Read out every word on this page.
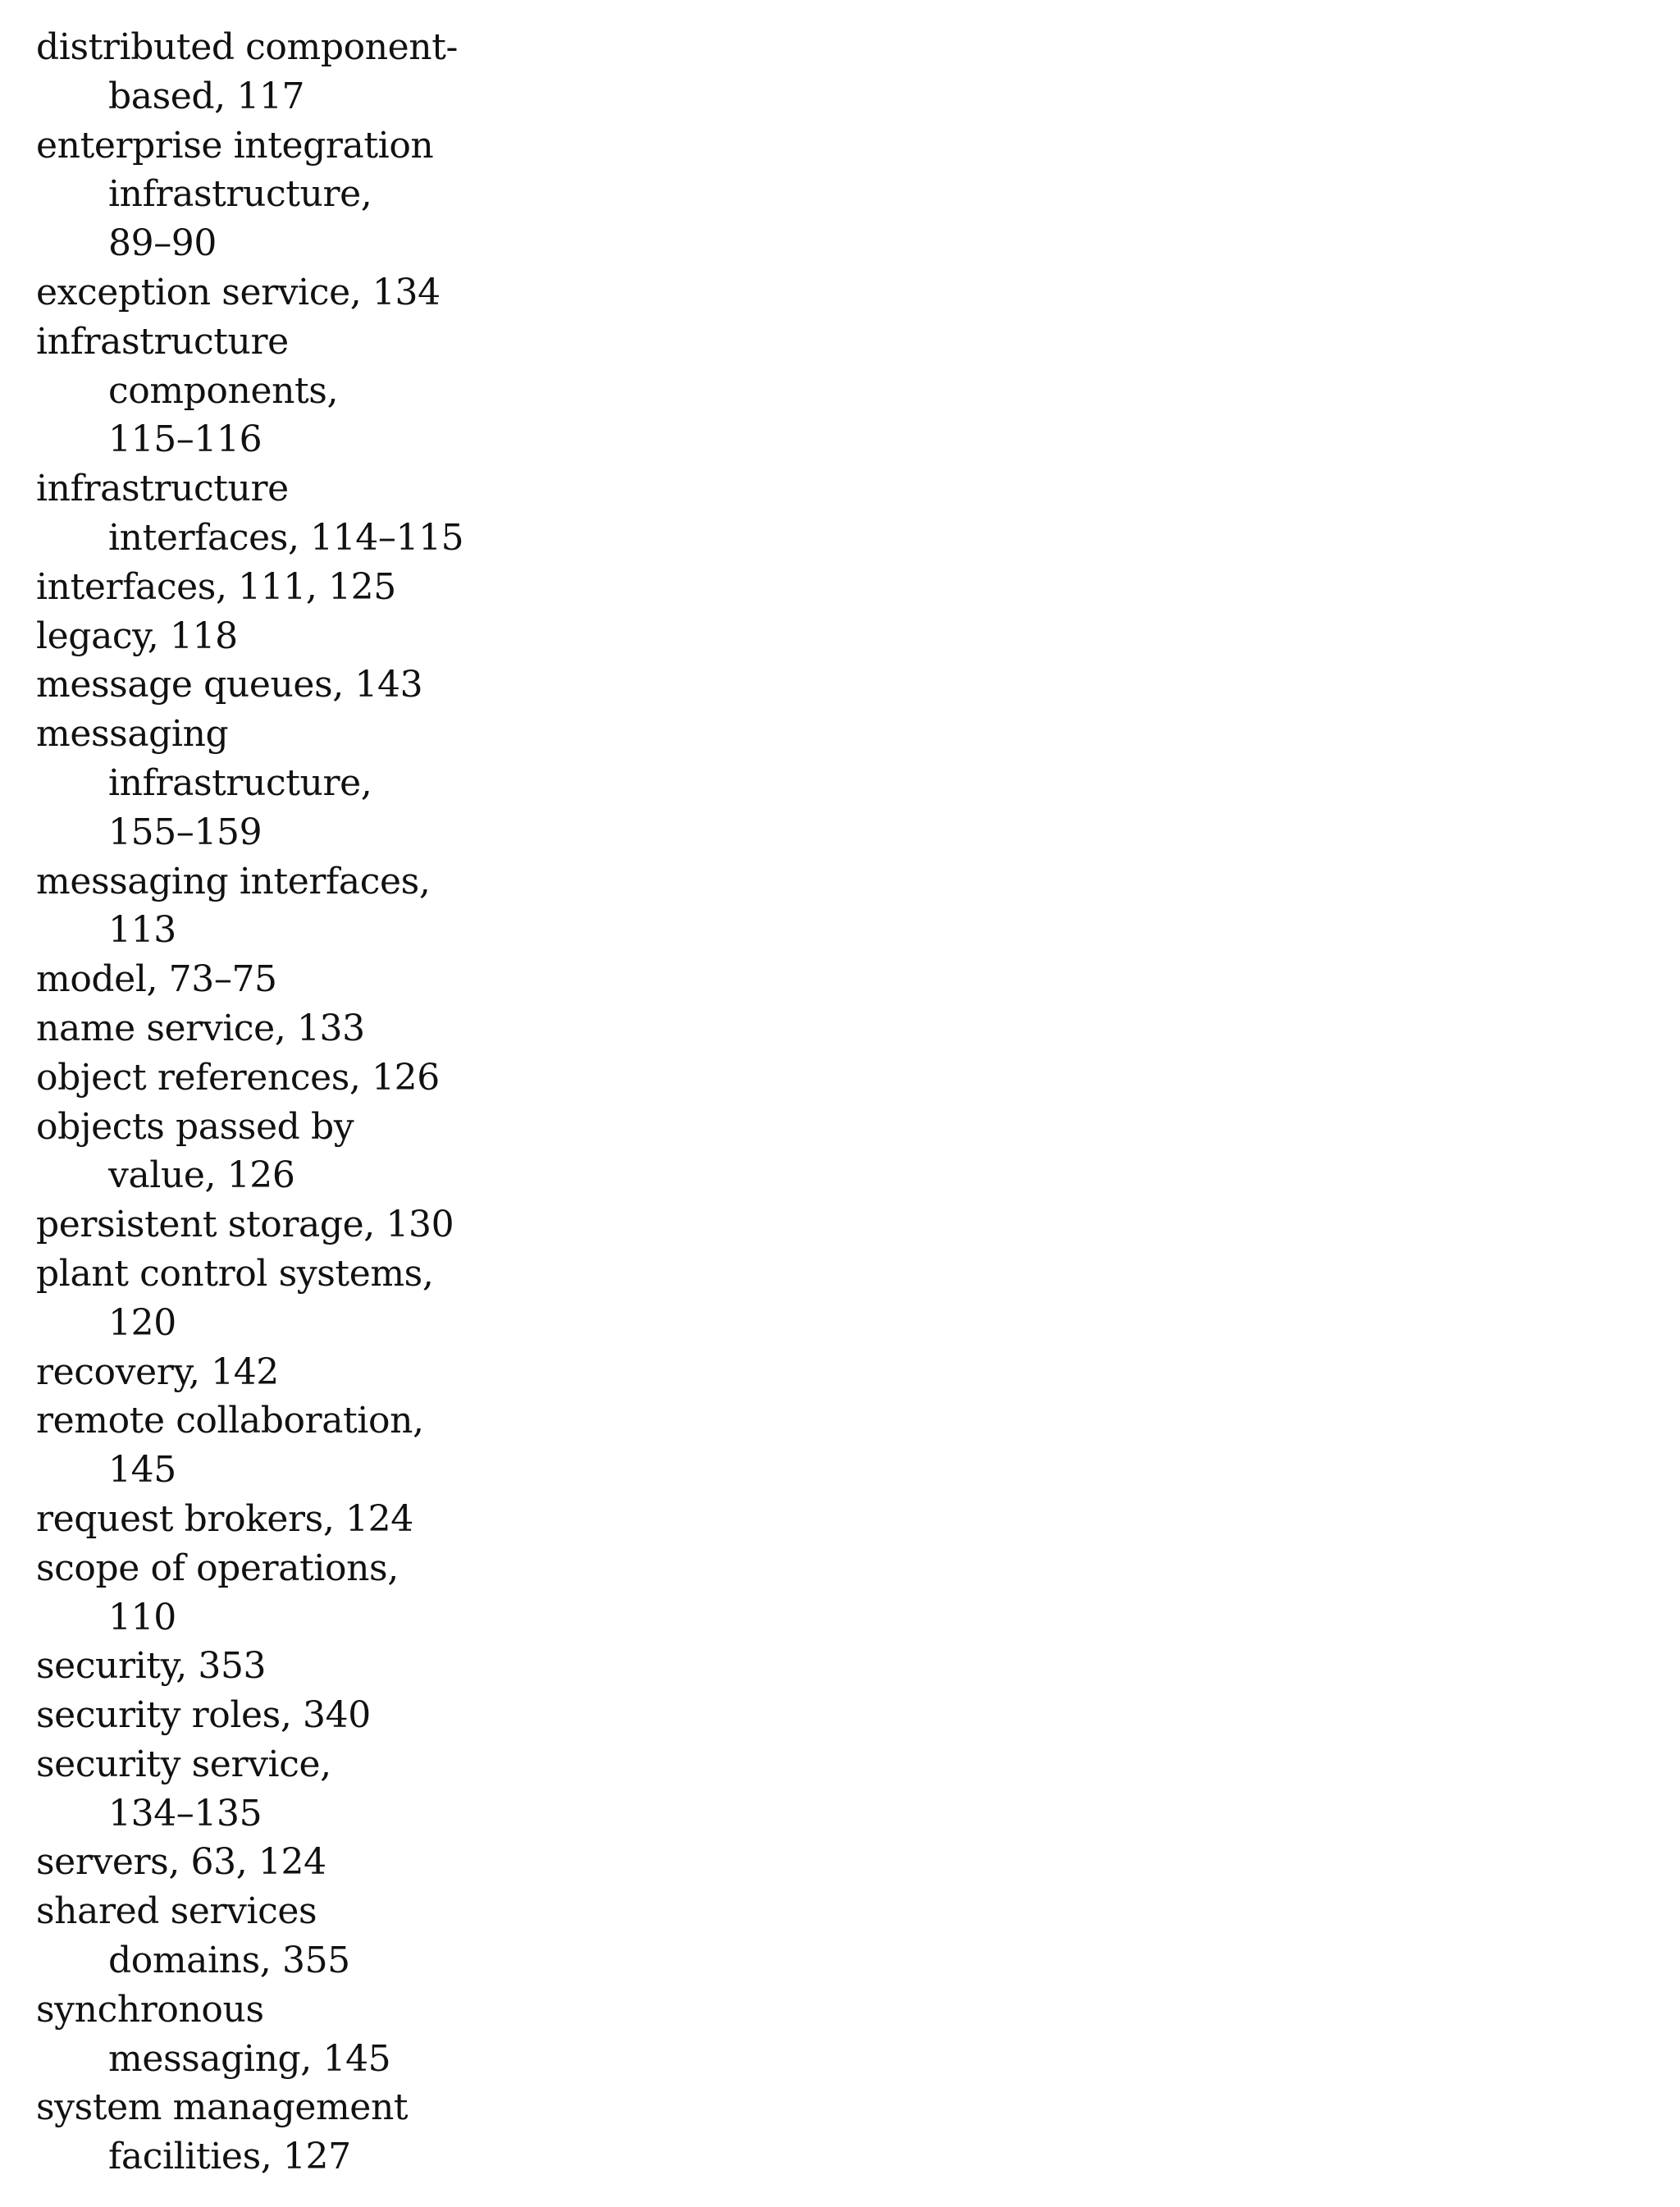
distributed component-
based, 117
enterprise integration
infrastructure,
89–90
exception service, 134
infrastructure
components,
115–116
infrastructure
interfaces, 114–115
interfaces, 111, 125
legacy, 118
message queues, 143
messaging
infrastructure,
155–159
messaging interfaces,
113
model, 73–75
name service, 133
object references, 126
objects passed by
value, 126
persistent storage, 130
plant control systems,
120
recovery, 142
remote collaboration,
145
request brokers, 124
scope of operations,
110
security, 353
security roles, 340
security service,
134–135
servers, 63, 124
shared services
domains, 355
synchronous
messaging, 145
system management
facilities, 127
